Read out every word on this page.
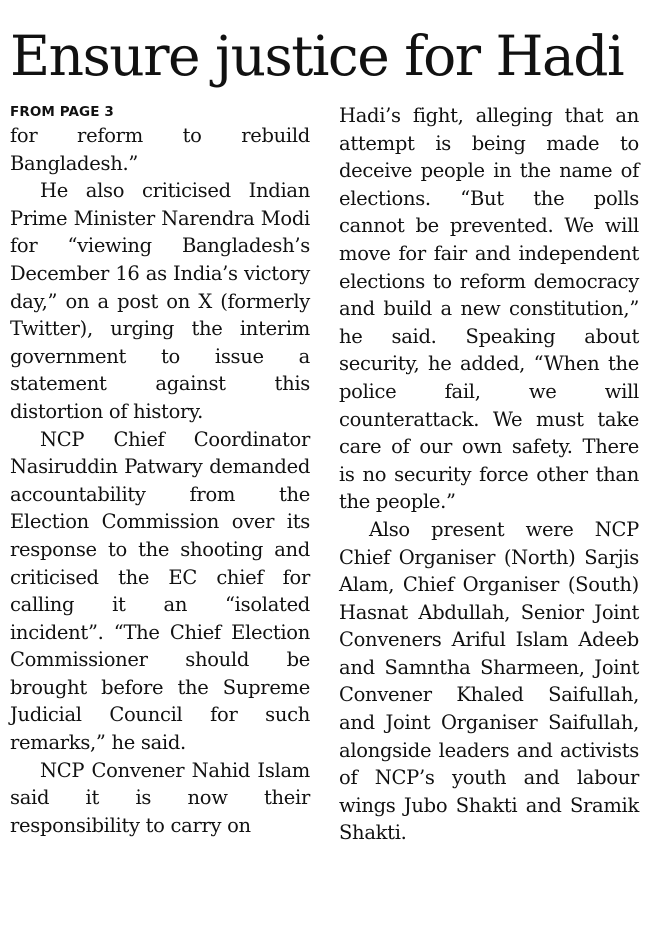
Ensure justice for Hadi
FROM PAGE 3

for reform to rebuild Bangladesh.”

He also criticised Indian Prime Minister Narendra Modi for “viewing Bangladesh’s December 16 as India’s victory day,” on a post on X (formerly Twitter), urging the interim government to issue a statement against this distortion of history.

NCP Chief Coordinator Nasiruddin Patwary demanded accountability from the Election Commission over its response to the shooting and criticised the EC chief for calling it an “isolated incident”. “The Chief Election Commissioner should be brought before the Supreme Judicial Council for such remarks,” he said.

NCP Convener Nahid Islam said it is now their responsibility to carry on

Hadi’s fight, alleging that an attempt is being made to deceive people in the name of elections. “But the polls cannot be prevented. We will move for fair and independent elections to reform democracy and build a new constitution,” he said. Speaking about security, he added, “When the police fail, we will counterattack. We must take care of our own safety. There is no security force other than the people.”

Also present were NCP Chief Organiser (North) Sarjis Alam, Chief Organiser (South) Hasnat Abdullah, Senior Joint Conveners Ariful Islam Adeeb and Samntha Sharmeen, Joint Convener Khaled Saifullah, and Joint Organiser Saifullah, alongside leaders and activists of NCP’s youth and labour wings Jubo Shakti and Sramik Shakti.
